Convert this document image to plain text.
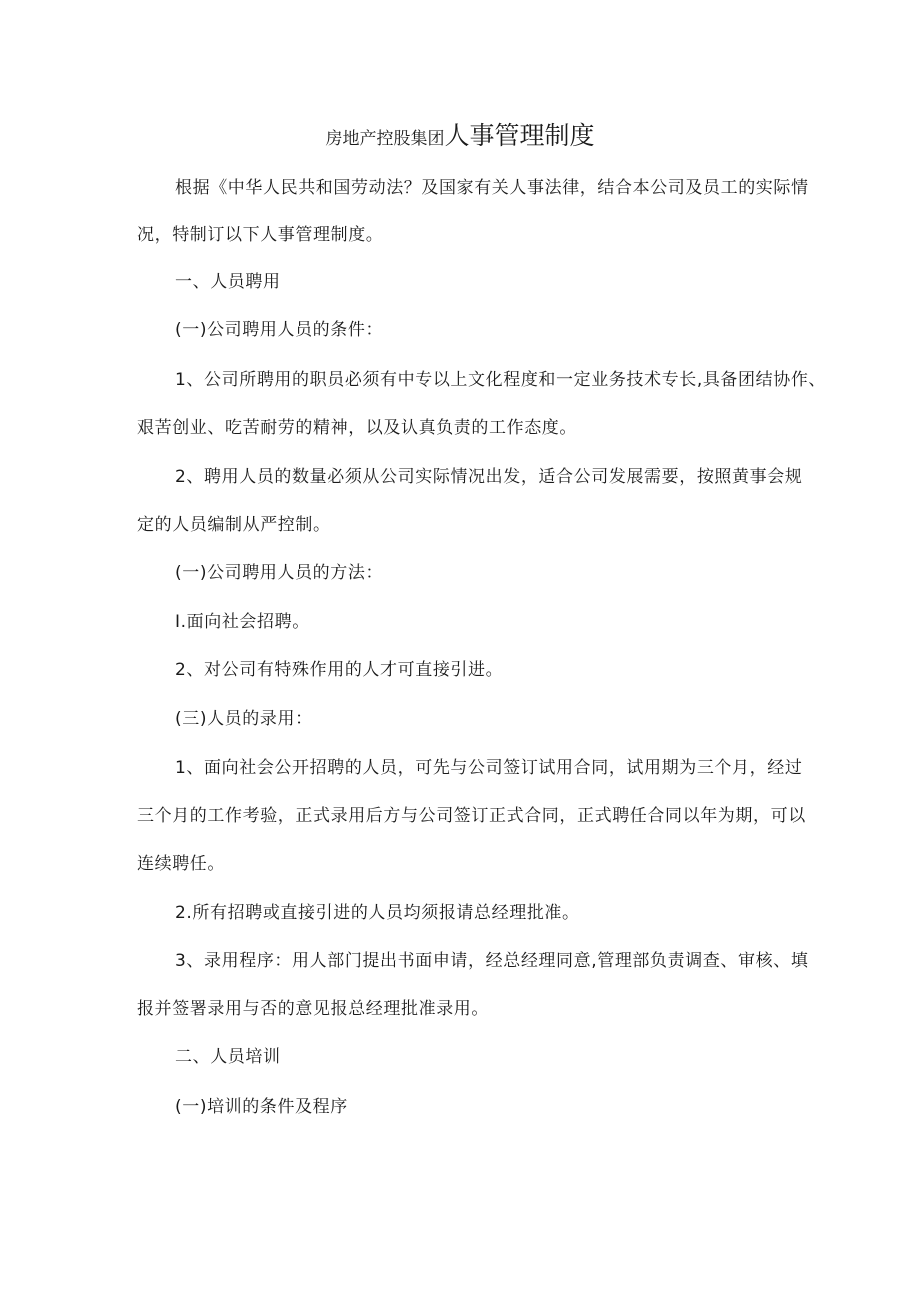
房地产控股集团人事管理制度
根据《中华人民共和国劳动法？及国家有关人事法律，结合本公司及员工的实际情
况，特制订以下人事管理制度。
一、人员聘用
(一)公司聘用人员的条件：
1、公司所聘用的职员必须有中专以上文化程度和一定业务技术专长,具备团结协作、
艰苦创业、吃苦耐劳的精神，以及认真负责的工作态度。
2、聘用人员的数量必须从公司实际情况出发，适合公司发展需要，按照黄事会规
定的人员编制从严控制。
(一)公司聘用人员的方法：
I.面向社会招聘。
2、对公司有特殊作用的人才可直接引进。
(三)人员的录用：
1、面向社会公开招聘的人员，可先与公司签订试用合同，试用期为三个月，经过
三个月的工作考验，正式录用后方与公司签订正式合同，正式聘任合同以年为期，可以
连续聘任。
2.所有招聘或直接引进的人员均须报请总经理批准。
3、录用程序：用人部门提出书面申请，经总经理同意,管理部负责调查、审核、填
报并签署录用与否的意见报总经理批准录用。
二、人员培训
(一)培训的条件及程序
